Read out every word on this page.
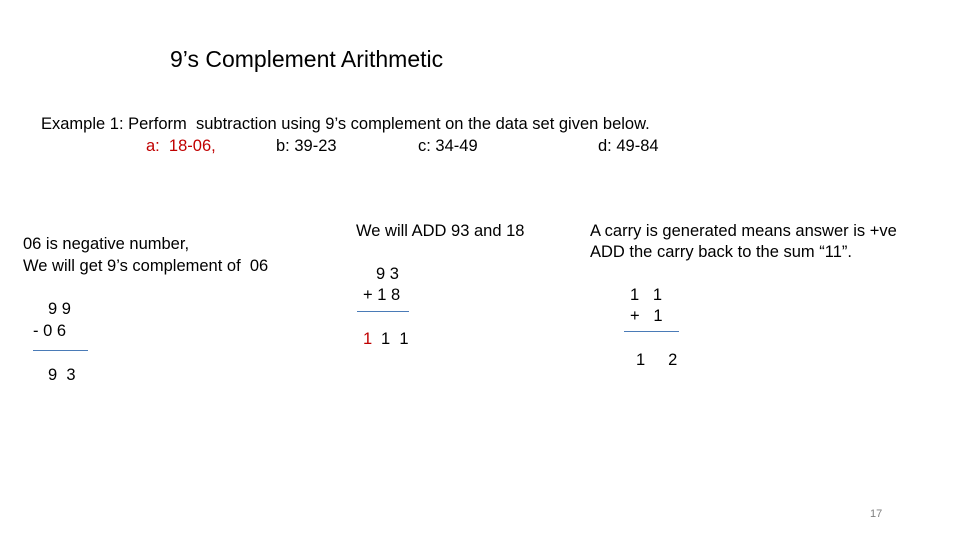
9’s Complement Arithmetic
Example 1: Perform  subtraction using 9’s complement on the data set given below.
a:  18-06,	b: 39-23	c: 34-49	d: 49-84
06 is negative number,
We will get 9’s complement of  06
9 9
- 0 6
9  3
We will ADD 93 and 18
9 3
+ 1 8
1 1  1
A carry is generated means answer is +ve
ADD the carry back to the sum “11”.
1   1
+   1
1     2
17
